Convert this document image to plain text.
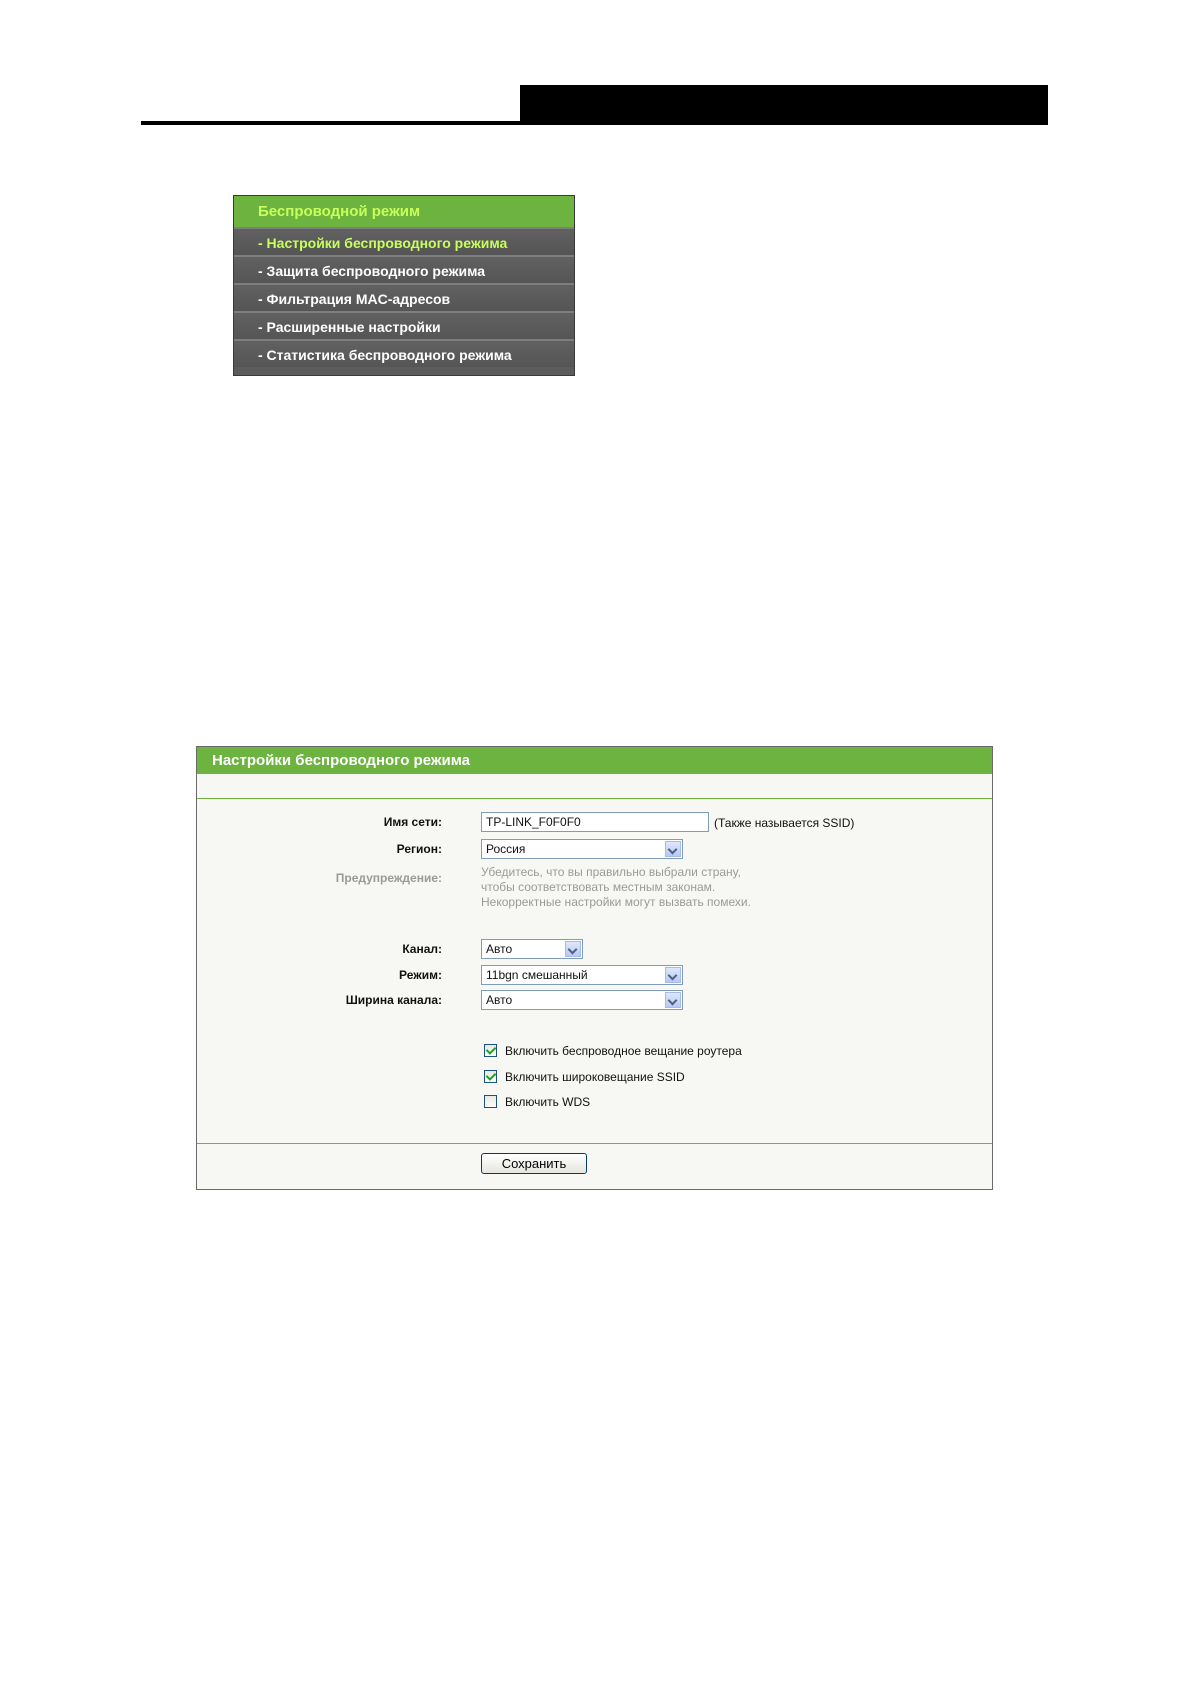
Беспроводной режим
- Настройки беспроводного режима
- Защита беспроводного режима
- Фильтрация MAC-адресов
- Расширенные настройки
- Статистика беспроводного режима
Настройки беспроводного режима
Имя сети:	TP-LINK_F0F0F0	(Также называется SSID)
Регион:	Россия
Предупреждение:	Убедитесь, что вы правильно выбрали страну,
чтобы соответствовать местным законам.
Некорректные настройки могут вызвать помехи.
Канал:	Авто
Режим:	11bgn смешанный
Ширина канала:	Авто
Включить беспроводное вещание роутера
Включить широковещание SSID
Включить WDS
Сохранить
